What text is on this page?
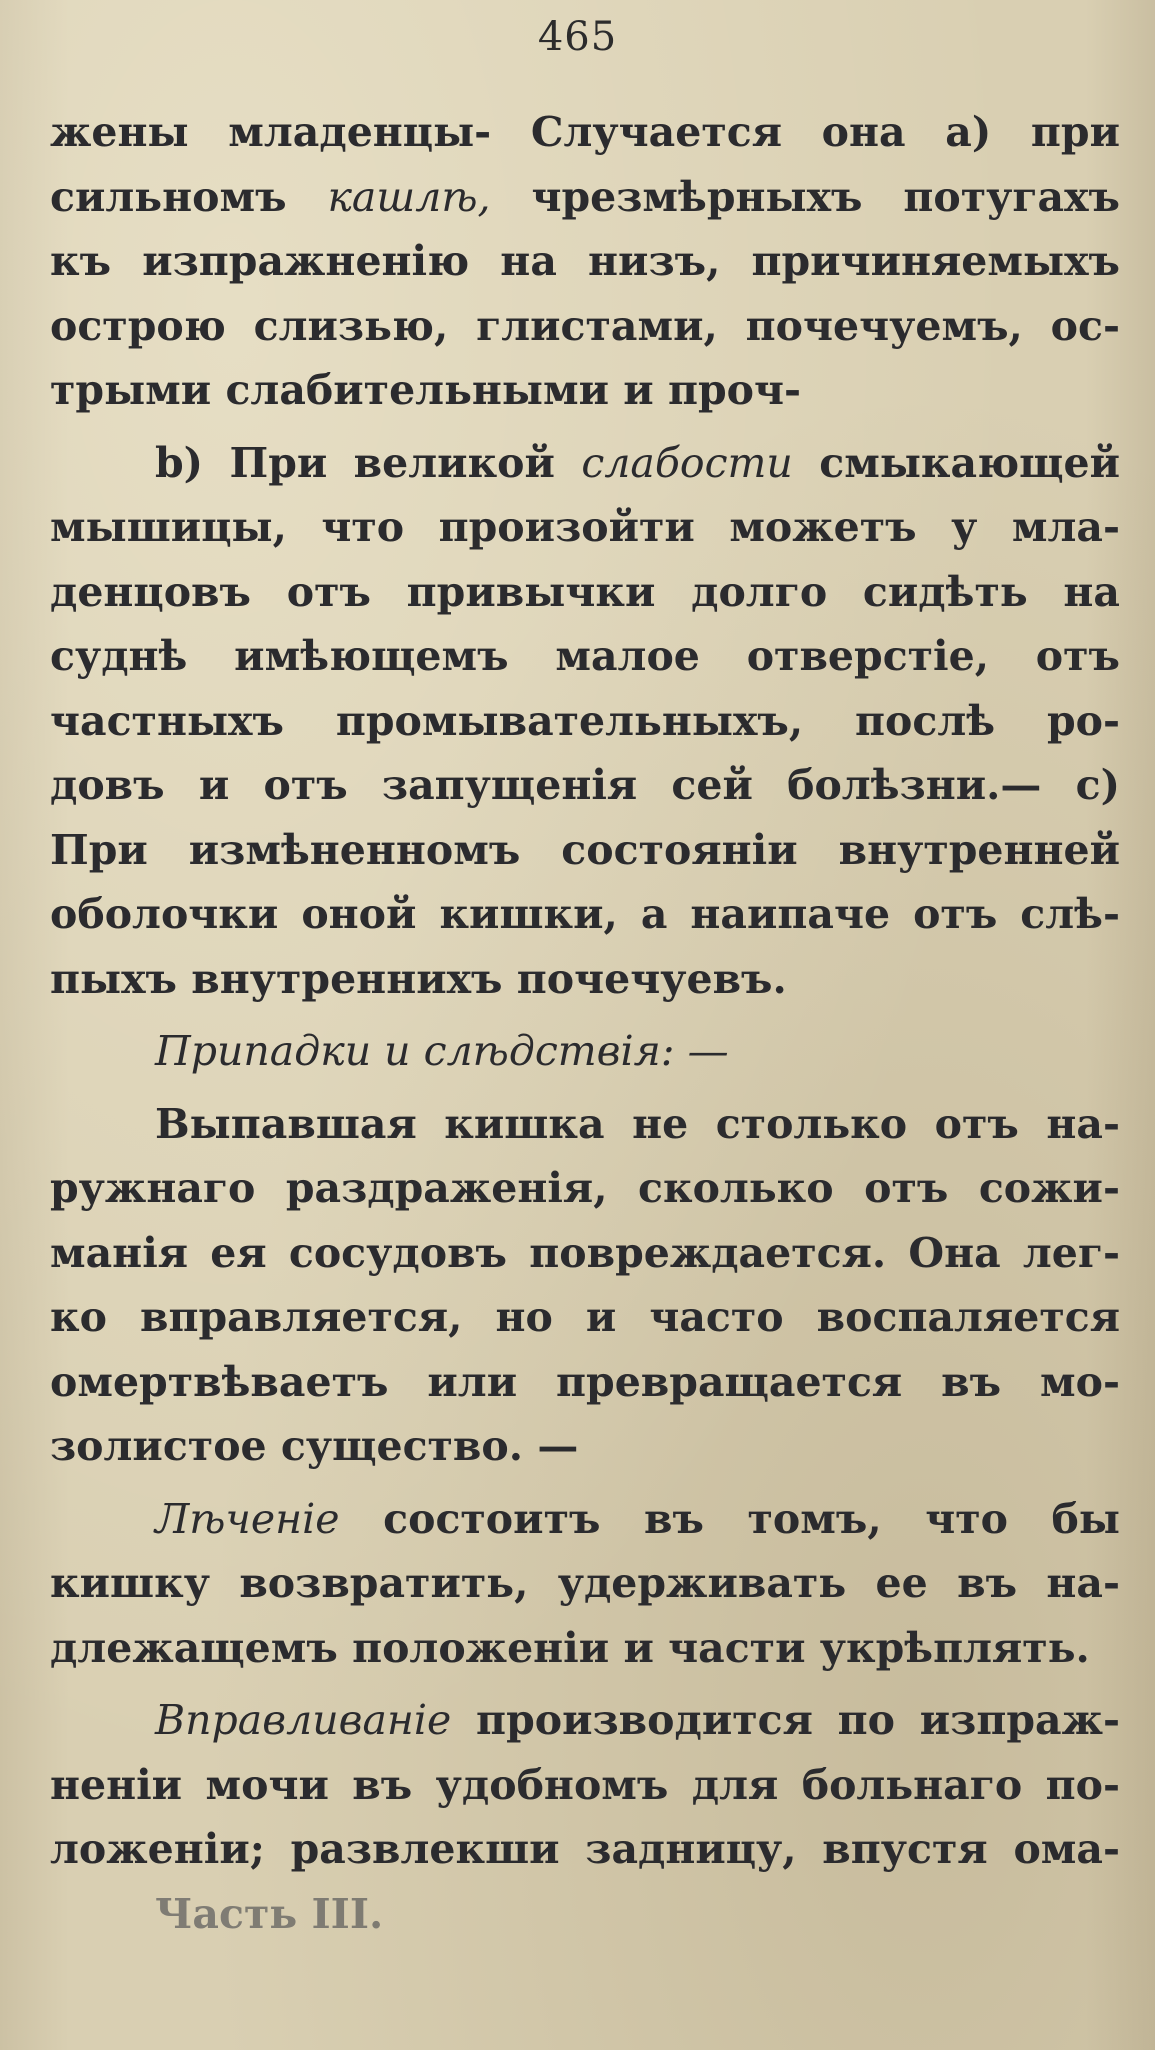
465
жены младенцы- Случается она а) при
сильномъ кашлѣ, чрезмѣрныхъ потугахъ
къ изпражненію на низъ, причиняемыхъ
острою слизью, глистами, почечуемъ, ос-
трыми слабительными и проч-
b) При великой слабости смыкающей
мышицы, что произойти можетъ у мла-
денцовъ отъ привычки долго сидѣть на
суднѣ имѣющемъ малое отверстіе, отъ
частныхъ промывательныхъ, послѣ ро-
довъ и отъ запущенія сей болѣзни.— c)
При измѣненномъ состояніи внутренней
оболочки оной кишки, а наипаче отъ слѣ-
пыхъ внутреннихъ почечуевъ.
Припадки и слѣдствія: —
Выпавшая кишка не столько отъ на-
ружнаго раздраженія, сколько отъ сожи-
манія ея сосудовъ повреждается. Она лег-
ко вправляется, но и часто воспаляется
омертвѣваетъ или превращается въ мо-
золистое существо. —
Лѣченіе состоитъ въ томъ, что бы
кишку возвратить, удерживать ее въ на-
длежащемъ положеніи и части укрѣплять.
Вправливаніе производится по изпраж-
неніи мочи въ удобномъ для больнаго по-
ложеніи; развлекши задницу, впустя ома-
Часть III.
